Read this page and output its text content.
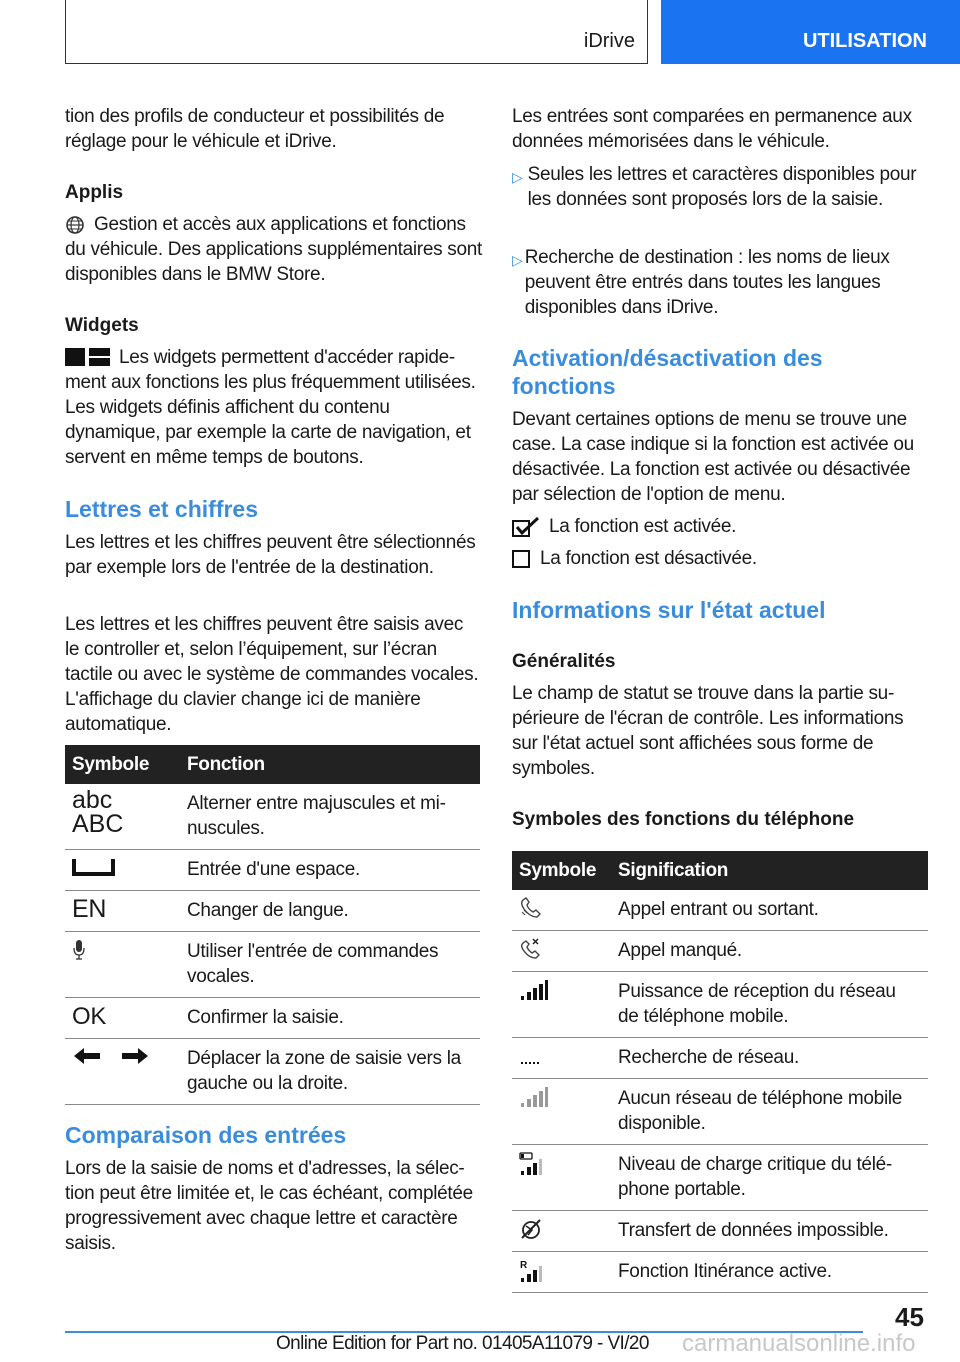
iDrive	UTILISATION

tion des profils de conducteur et possibilités de réglage pour le véhicule et iDrive.

Applis

Gestion et accès aux applications et fonctions du véhicule. Des applications supplémentaires sont disponibles dans le BMW Store.

Widgets

Les widgets permettent d'accéder rapidement aux fonctions les plus fréquemment utilisées. Les widgets définis affichent du contenu dynamique, par exemple la carte de navigation, et servent en même temps de boutons.

Lettres et chiffres

Les lettres et les chiffres peuvent être sélectionnés par exemple lors de l'entrée de la destination.

Les lettres et les chiffres peuvent être saisis avec le controller et, selon l’équipement, sur l’écran tactile ou avec le système de commandes vocales. L'affichage du clavier change ici de manière automatique.

Symbole	Fonction
abc
ABC	Alterner entre majuscules et minuscules.

	Entrée d'une espace.
EN	Changer de langue.

	Utiliser l'entrée de commandes vocales.
OK	Confirmer la saisie.

	Déplacer la zone de saisie vers la gauche ou la droite.

Comparaison des entrées

Lors de la saisie de noms et d'adresses, la sélection peut être limitée et, le cas échéant, complétée progressivement avec chaque lettre et caractère saisis.

Les entrées sont comparées en permanence aux données mémorisées dans le véhicule.

▷ Seules les lettres et caractères disponibles pour les données sont proposés lors de la saisie.
▷ Recherche de destination : les noms de lieux peuvent être entrés dans toutes les langues disponibles dans iDrive.

Activation/désactivation des fonctions

Devant certaines options de menu se trouve une case. La case indique si la fonction est activée ou désactivée. La fonction est activée ou désactivée par sélection de l'option de menu.

La fonction est activée.
La fonction est désactivée.

Informations sur l'état actuel

Généralités

Le champ de statut se trouve dans la partie supérieure de l'écran de contrôle. Les informations sur l'état actuel sont affichées sous forme de symboles.

Symboles des fonctions du téléphone

Symbole	Signification

	Appel entrant ou sortant.

	Appel manqué.

	Puissance de réception du réseau de téléphone mobile.

	Recherche de réseau.

	Aucun réseau de téléphone mobile disponible.

	Niveau de charge critique du téléphone portable.

	Transfert de données impossible.

R	Fonction Itinérance active.
45
Online Edition for Part no. 01405A11079 - VI/20 carmanualsonline.info
